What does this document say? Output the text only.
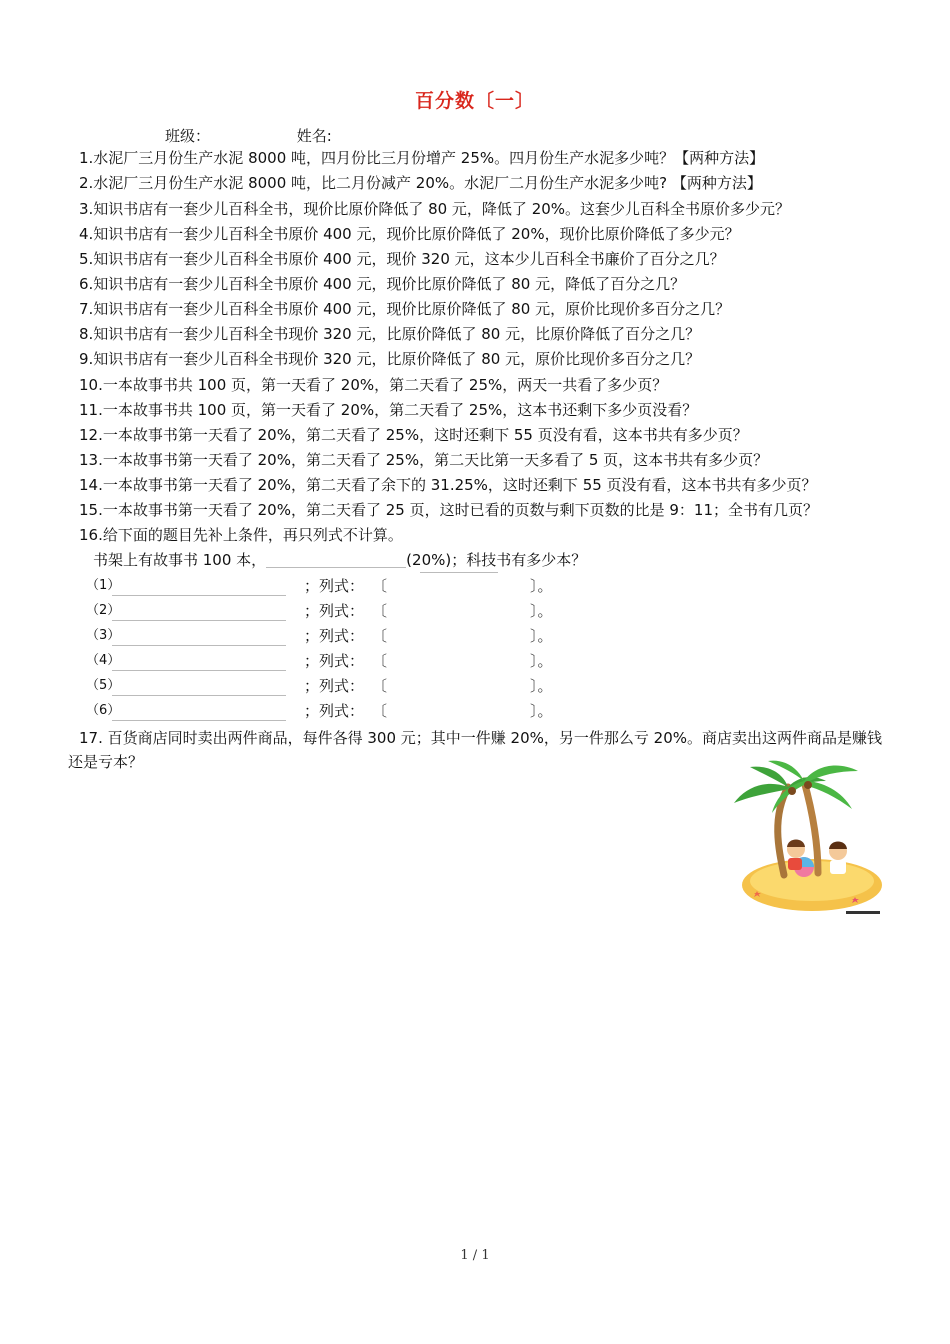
百分数〔一〕
班级：	姓名:
1.水泥厂三月份生产水泥 8000 吨，四月份比三月份增产 25%。四月份生产水泥多少吨？【两种方法】
2.水泥厂三月份生产水泥 8000 吨，比二月份减产 20%。水泥厂二月份生产水泥多少吨? 【两种方法】
3.知识书店有一套少儿百科全书，现价比原价降低了 80 元，降低了 20%。这套少儿百科全书原价多少元？
4.知识书店有一套少儿百科全书原价 400 元，现价比原价降低了 20%，现价比原价降低了多少元？
5.知识书店有一套少儿百科全书原价 400 元，现价 320 元，这本少儿百科全书廉价了百分之几？
6.知识书店有一套少儿百科全书原价 400 元，现价比原价降低了 80 元，降低了百分之几？
7.知识书店有一套少儿百科全书原价 400 元，现价比原价降低了 80 元，原价比现价多百分之几？
8.知识书店有一套少儿百科全书现价 320 元，比原价降低了 80 元，比原价降低了百分之几？
9.知识书店有一套少儿百科全书现价 320 元，比原价降低了 80 元，原价比现价多百分之几？
10.一本故事书共 100 页，第一天看了 20%，第二天看了 25%，两天一共看了多少页？
11.一本故事书共 100 页，第一天看了 20%，第二天看了 25%，这本书还剩下多少页没看？
12.一本故事书第一天看了 20%，第二天看了 25%，这时还剩下 55 页没有看，这本书共有多少页？
13.一本故事书第一天看了 20%，第二天看了 25%，第二天比第一天多看了 5 页，这本书共有多少页？
14.一本故事书第一天看了 20%，第二天看了余下的 31.25%，这时还剩下 55 页没有看，这本书共有多少页？
15.一本故事书第一天看了 20%，第二天看了 25 页，这时已看的页数与剩下页数的比是 9：11；全书有几页？
16.给下面的题目先补上条件，再只列式不计算。
书架上有故事书 100 本，	(20%)；科技书有多少本？
（1）	；列式： 〔	〕。
（2）	；列式： 〔	〕。
（3）	；列式： 〔	〕。
（4）	；列式： 〔	〕。
（5）	；列式： 〔	〕。
（6）	；列式： 〔	〕。
17. 百货商店同时卖出两件商品，每件各得 300 元；其中一件赚 20%，另一件那么亏 20%。商店卖出这两件商品是赚钱还是亏本？
1 / 1
